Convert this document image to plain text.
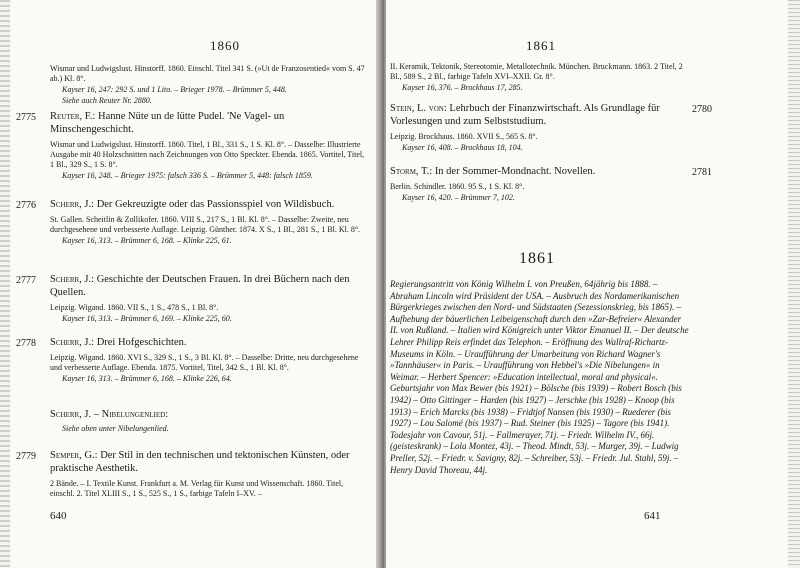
1860

Wismar und Ludwigslust. Hinstorff. 1860. Einschl. Titel 341 S. (»Ut de Franzosentied« vom S. 47 ab.) Kl. 8°.

Kayser 16, 247: 292 S. und 1 Litο. – Brieger 1978. – Brümmer 5, 448.

Siehe auch Reuter Nr. 2880.

2775 Reuter, F.: Hanne Nüte un de lütte Pudel. 'Ne Vagel- un Minschengeschicht.

Wismar und Ludwigslust. Hinstorff. 1860. Titel, 1 Bl., 331 S., 1 S. Kl. 8°. – Dasselbe: Illustrierte Ausgabe mit 40 Holzschnitten nach Zeichnungen von Otto Speckter. Ebenda. 1865. Vortitel, Titel, 1 Bl., 329 S., 1 S. 8°.

Kayser 16, 248. – Brieger 1975: falsch 336 S. – Brümmer 5, 448: falsch 1859.

2776 Scherr, J.: Der Gekreuzigte oder das Passionsspiel von Wildisbuch.

St. Gallen. Scheitlin & Zollikofer. 1860. VIII S., 217 S., 1 Bl. Kl. 8°. – Dasselbe: Zweite, neu durchgesehene und verbesserte Auflage. Leipzig. Günther. 1874. X S., 1 Bl., 281 S., 1 Bl. Kl. 8°.

Kayser 16, 313. – Brümmer 6, 168. – Klinke 225, 61.

2777 Scherr, J.: Geschichte der Deutschen Frauen. In drei Büchern nach den Quellen.

Leipzig. Wigand. 1860. VII S., 1 S., 478 S., 1 Bl. 8°.

Kayser 16, 313. – Brümmer 6, 169. – Klinke 225, 60.

2778 Scherr, J.: Drei Hofgeschichten.

Leipzig. Wigand. 1860. XVI S., 329 S., 1 S., 3 Bl. Kl. 8°. – Dasselbe: Dritte, neu durchgesehene und verbesserte Auflage. Ebenda. 1875. Vortitel, Titel, 342 S., 1 Bl. Kl. 8°.

Kayser 16, 313. – Brümmer 6, 168. – Klinke 226, 64.

Scherr, J. – Nibelungenlied:

Siehe oben unter Nibelungenlied.

2779 Semper, G.: Der Stil in den technischen und tektonischen Künsten, oder praktische Aesthetik.

2 Bände. – I. Textile Kunst. Frankfurt a. M. Verlag für Kunst und Wissenschaft. 1860. Titel, einschl. 2. Titel XLIII S., 1 S., 525 S., 1 S., farbige Tafeln I–XV. –

640
1861

II. Keramik, Tektonik, Stereotomie, Metallotechnik. München. Bruckmann. 1863. 2 Titel, 2 Bl., 589 S., 2 Bl., farbige Tafeln XVI–XXII. Gr. 8°.

Kayser 16, 376. – Brockhaus 17, 285.

Stein, L. von: Lehrbuch der Finanzwirtschaft. Als Grundlage für Vorlesungen und zum Selbststudium.

Leipzig. Brockhaus. 1860. XVII S., 565 S. 8°.

Kayser 16, 408. – Brockhaus 18, 104.

2780

Storm, T.: In der Sommer-Mondnacht. Novellen.

Berlin. Schindler. 1860. 95 S., 1 S. Kl. 8°.

Kayser 16, 420. – Brümmer 7, 102.

2781
1861

Regierungsantritt von König Wilhelm I. von Preußen, 64jährig bis 1888. – Abraham Lincoln wird Präsident der USA. – Ausbruch des Nordamerikanischen Bürgerkrieges zwischen den Nord- und Südstaaten (Sezessionskrieg, bis 1865). – Aufhebung der bäuerlichen Leibeigenschaft durch den »Zar-Befreier« Alexander II. von Rußland. – Italien wird Königreich unter Viktor Emanuel II. – Der deutsche Lehrer Philipp Reis erfindet das Telephon. – Eröffnung des Wallraf-Richartz-Museums in Köln. – Uraufführung der Umarbeitung von Richard Wagner's »Tannhäuser« in Paris. – Uraufführung von Hebbel's »Die Nibelungen« in Weimar. – Herbert Spencer: »Education intellectual, moral and physical«.

Geburtsjahr von Max Bewer (bis 1921) – Bölsche (bis 1939) – Robert Bosch (bis 1942) – Otto Gittinger – Harden (bis 1927) – Jerschke (bis 1928) – Knoop (bis 1913) – Erich Marcks (bis 1938) – Fridtjof Nansen (bis 1930) – Ruederer (bis 1927) – Lou Salomé (bis 1937) – Rud. Steiner (bis 1925) – Tagore (bis 1941).

Todesjahr von Cavour, 51j. – Fallmerayer, 71j. – Friedr. Wilhelm IV., 66j. (geisteskrank) – Lola Montez, 43j. – Theod. Mindt, 53j. – Murger, 39j. – Ludwig Preller, 52j. – Friedr. v. Savigny, 82j. – Schreiber, 53j. – Friedr. Jul. Stahl, 59j. – Henry David Thoreau, 44j.

641
